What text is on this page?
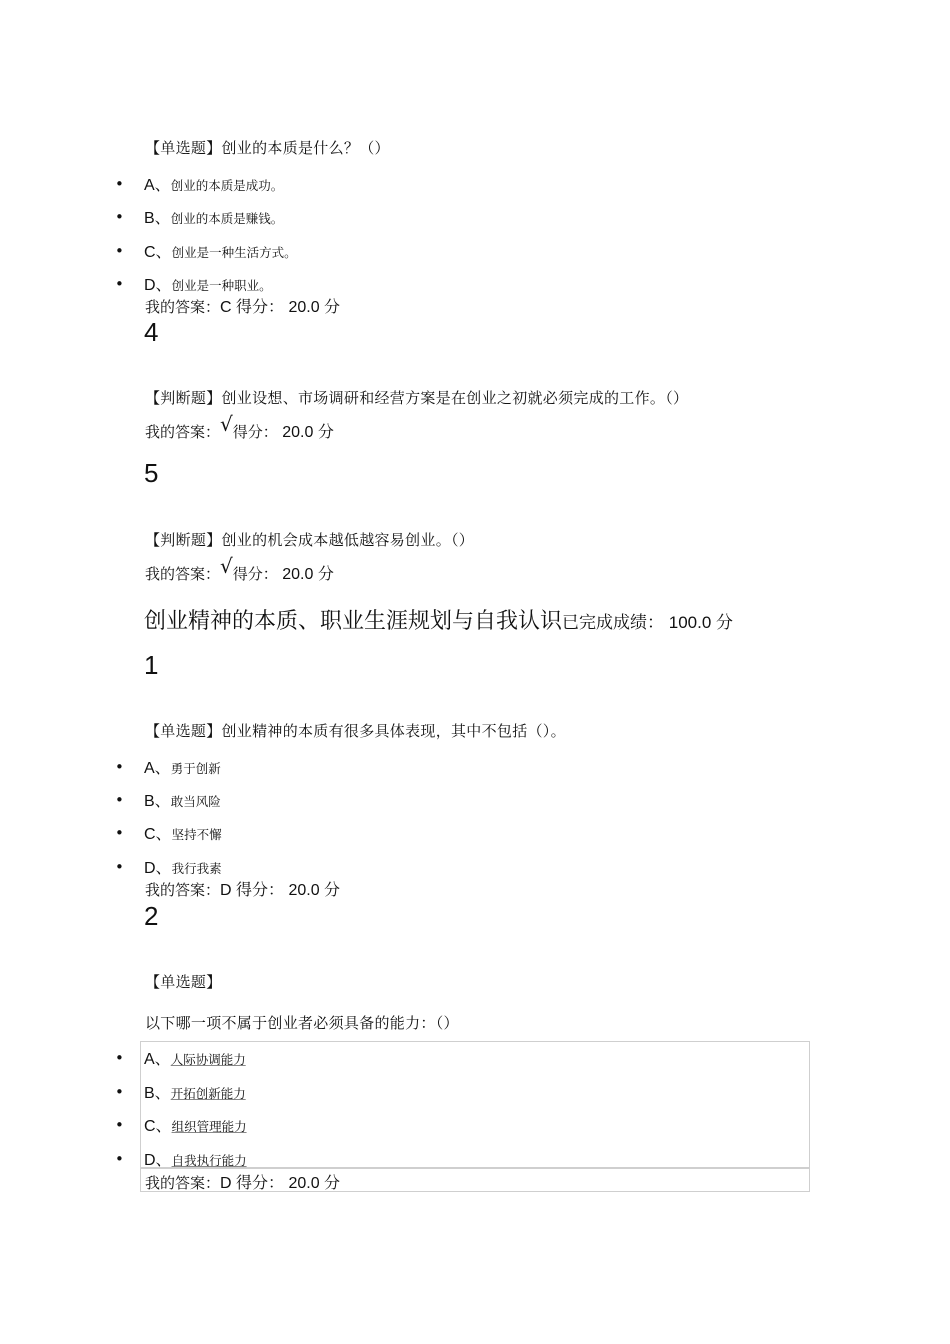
【单选题】创业的本质是什么？（）
• A、创业的本质是成功。
• B、创业的本质是赚钱。
• C、创业是一种生活方式。
• D、创业是一种职业。
我的答案：C 得分： 20.0 分
4
【判断题】创业设想、市场调研和经营方案是在创业之初就必须完成的工作。（）
我的答案：√得分： 20.0 分
5
【判断题】创业的机会成本越低越容易创业。（）
我的答案：√得分： 20.0 分
创业精神的本质、职业生涯规划与自我认识已完成成绩： 100.0 分
1
【单选题】创业精神的本质有很多具体表现，其中不包括（）。
• A、勇于创新
• B、敢当风险
• C、坚持不懈
• D、我行我素
我的答案：D 得分： 20.0 分
2
【单选题】
以下哪一项不属于创业者必须具备的能力：（）
• A、人际协调能力
• B、开拓创新能力
• C、组织管理能力
• D、自我执行能力
我的答案：D 得分： 20.0 分
